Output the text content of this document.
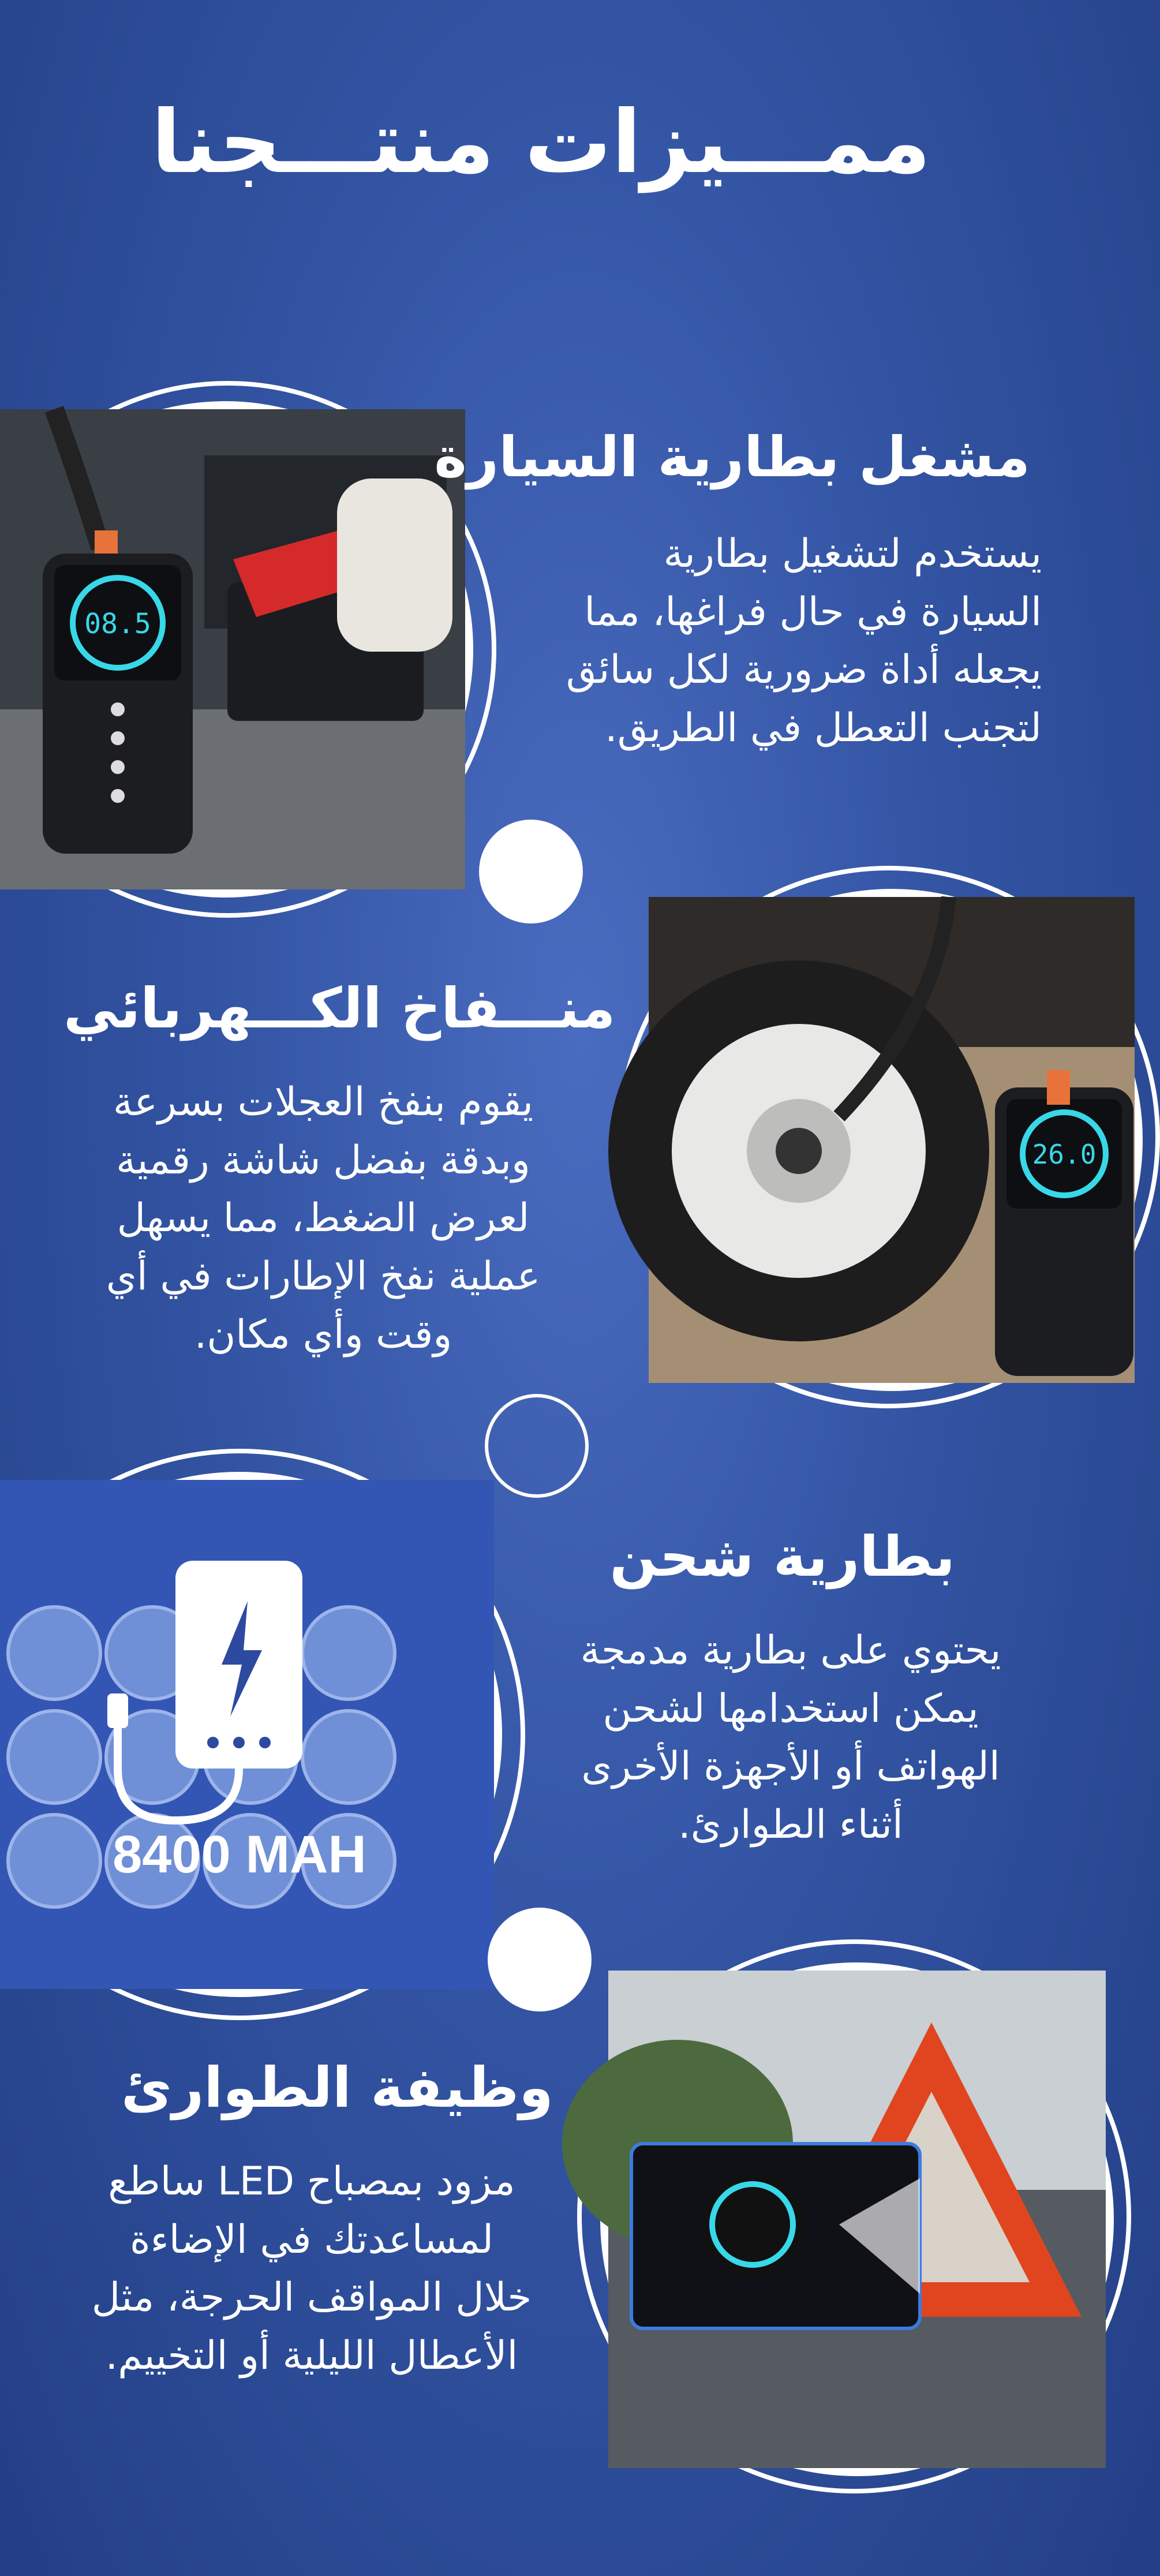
ممـــيزات منتـــجنا
08.5
مشغل بطارية السيارة
يستخدم لتشغيل بطارية
السيارة في حال فراغها، مما
يجعله أداة ضرورية لكل سائق
لتجنب التعطل في الطريق.
26.0
منـــفاخ الكـــهربائي
يقوم بنفخ العجلات بسرعة
وبدقة بفضل شاشة رقمية
لعرض الضغط، مما يسهل
عملية نفخ الإطارات في أي
وقت وأي مكان.
8400 MAH
بطارية شحن
يحتوي على بطارية مدمجة
يمكن استخدامها لشحن
الهواتف أو الأجهزة الأخرى
أثناء الطوارئ.
وظيفة الطوارئ
مزود بمصباح LED ساطع
لمساعدتك في الإضاءة
خلال المواقف الحرجة، مثل
الأعطال الليلية أو التخييم.
